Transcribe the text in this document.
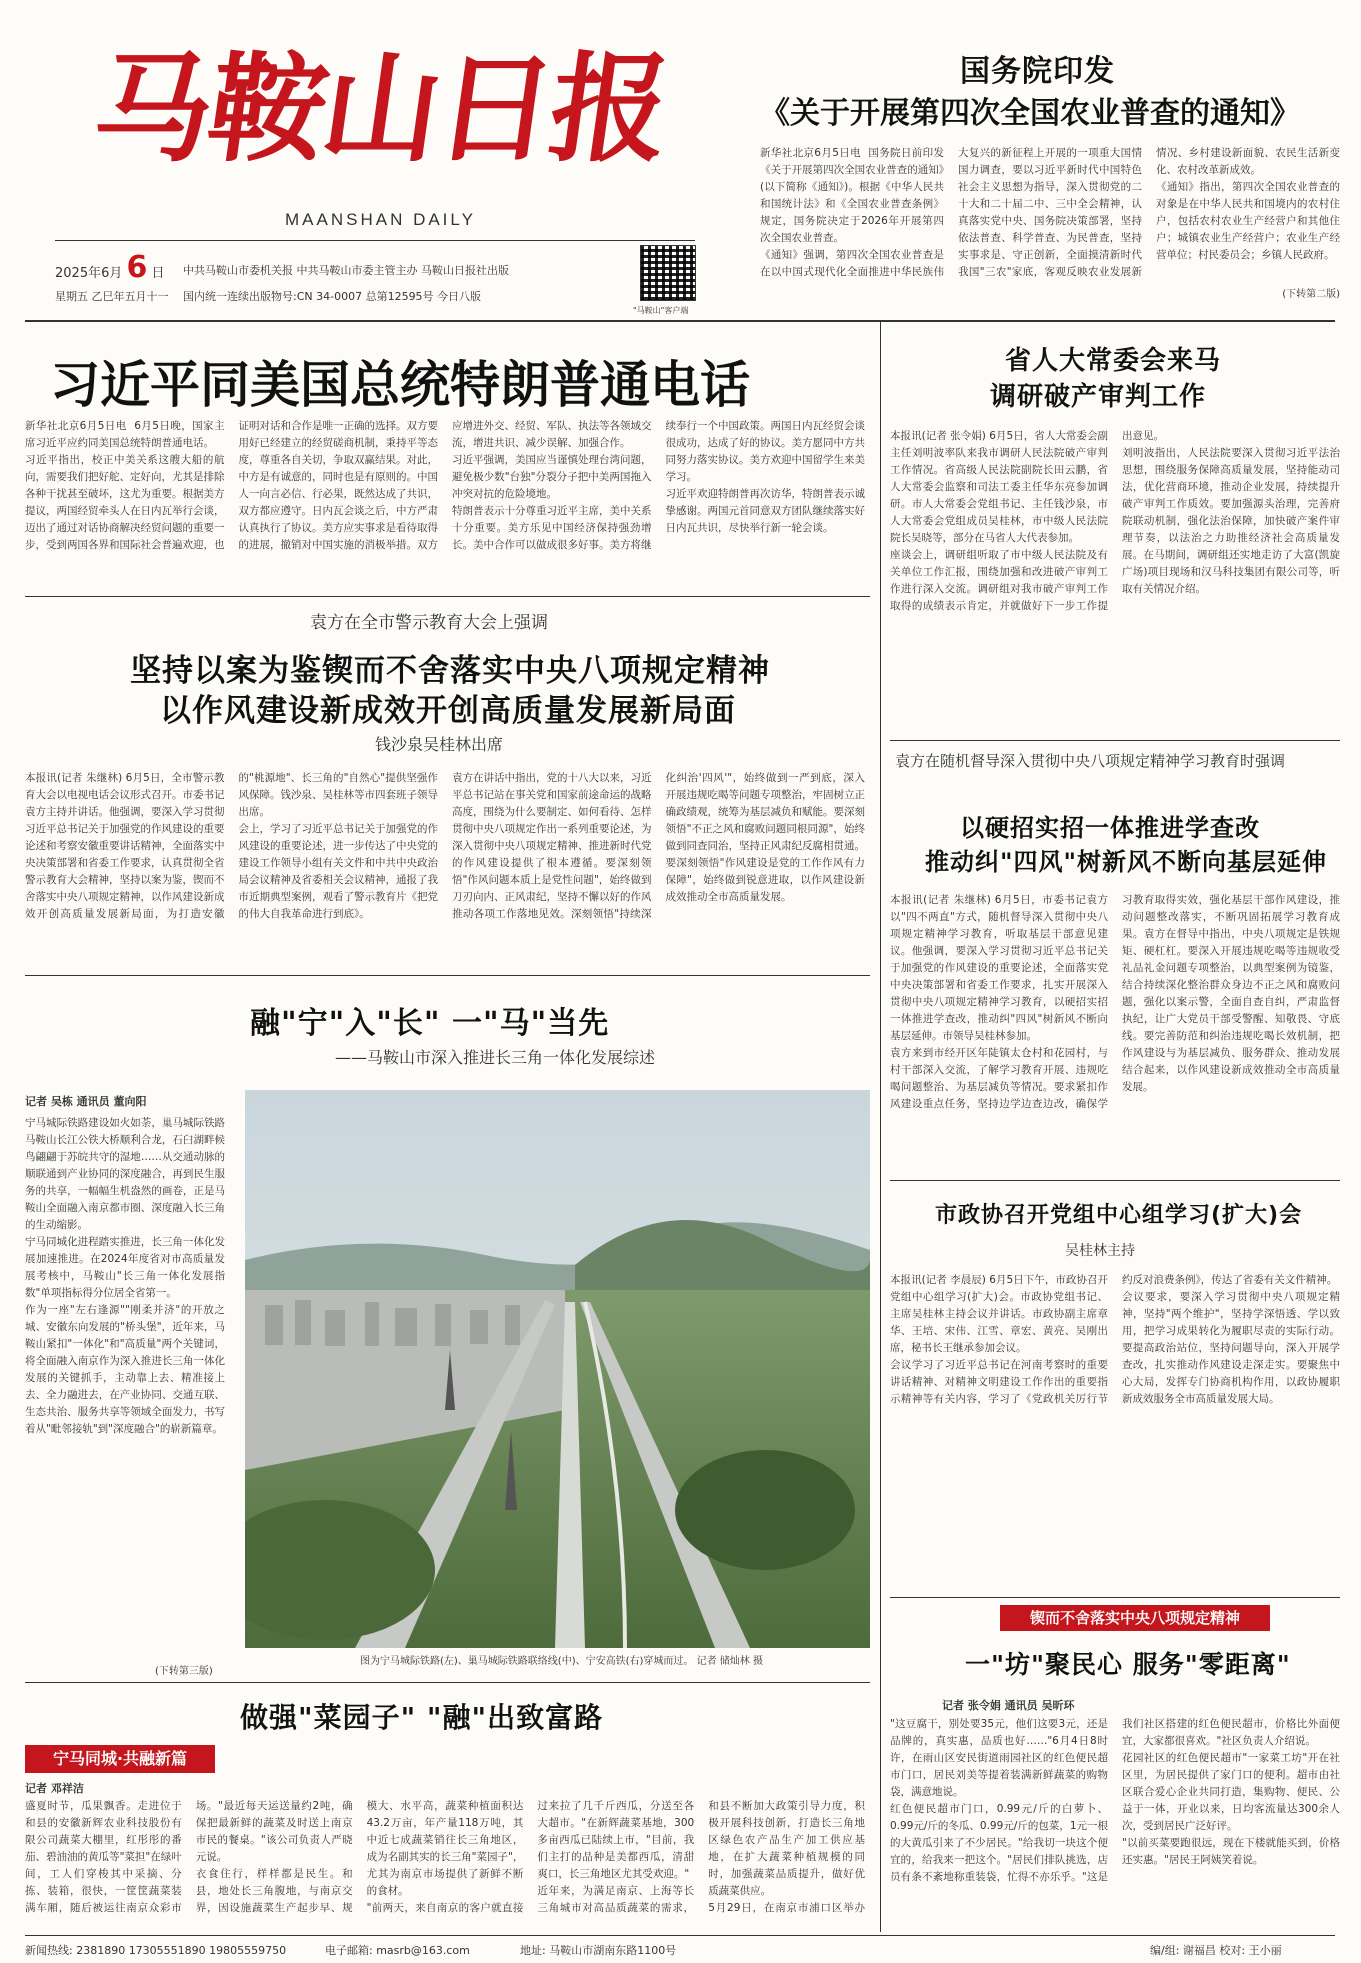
马鞍山日报
MAANSHAN DAILY
2025年6月 6 日
星期五 乙巳年五月十一
中共马鞍山市委机关报 中共马鞍山市委主管主办 马鞍山日报社出版
国内统一连续出版物号:CN 34-0007 总第12595号 今日八版
"马鞍山"客户端
国务院印发
《关于开展第四次全国农业普查的通知》
新华社北京6月5日电  国务院日前印发《关于开展第四次全国农业普查的通知》(以下简称《通知》)。根据《中华人民共和国统计法》和《全国农业普查条例》规定，国务院决定于2026年开展第四次全国农业普查。
《通知》强调，第四次全国农业普查是在以中国式现代化全面推进中华民族伟大复兴的新征程上开展的一项重大国情国力调查，要以习近平新时代中国特色社会主义思想为指导，深入贯彻党的二十大和二十届二中、三中全会精神，认真落实党中央、国务院决策部署，坚持依法普查、科学普查、为民普查，坚持实事求是、守正创新，全面摸清新时代我国"三农"家底，客观反映农业发展新情况、乡村建设新面貌、农民生活新变化、农村改革新成效。
《通知》指出，第四次全国农业普查的对象是在中华人民共和国境内的农村住户，包括农村农业生产经营户和其他住户；城镇农业生产经营户；农业生产经营单位；村民委员会；乡镇人民政府。
(下转第二版)
习近平同美国总统特朗普通电话
新华社北京6月5日电  6月5日晚，国家主席习近平应约同美国总统特朗普通电话。
习近平指出，校正中美关系这艘大船的航向，需要我们把好舵、定好向，尤其是排除各种干扰甚至破坏，这尤为重要。根据美方提议，两国经贸牵头人在日内瓦举行会谈，迈出了通过对话协商解决经贸问题的重要一步，受到两国各界和国际社会普遍欢迎，也证明对话和合作是唯一正确的选择。双方要用好已经建立的经贸磋商机制，秉持平等态度，尊重各自关切，争取双赢结果。对此，中方是有诚意的，同时也是有原则的。中国人一向言必信、行必果，既然达成了共识，双方都应遵守。日内瓦会谈之后，中方严肃认真执行了协议。美方应实事求是看待取得的进展，撤销对中国实施的消极举措。双方应增进外交、经贸、军队、执法等各领域交流，增进共识、减少误解、加强合作。
习近平强调，美国应当谨慎处理台湾问题，避免极少数"台独"分裂分子把中美两国拖入冲突对抗的危险境地。
特朗普表示十分尊重习近平主席，美中关系十分重要。美方乐见中国经济保持强劲增长。美中合作可以做成很多好事。美方将继续奉行一个中国政策。两国日内瓦经贸会谈很成功，达成了好的协议。美方愿同中方共同努力落实协议。美方欢迎中国留学生来美学习。
习近平欢迎特朗普再次访华，特朗普表示诚挚感谢。两国元首同意双方团队继续落实好日内瓦共识，尽快举行新一轮会谈。
袁方在全市警示教育大会上强调
坚持以案为鉴锲而不舍落实中央八项规定精神
以作风建设新成效开创高质量发展新局面
钱沙泉吴桂林出席
本报讯(记者 朱继林) 6月5日，全市警示教育大会以电视电话会议形式召开。市委书记袁方主持并讲话。他强调，要深入学习贯彻习近平总书记关于加强党的作风建设的重要论述和考察安徽重要讲话精神，全面落实中央决策部署和省委工作要求，认真贯彻全省警示教育大会精神，坚持以案为鉴，锲而不舍落实中央八项规定精神，以作风建设新成效开创高质量发展新局面，为打造安徽的"桃源地"、长三角的"自然心"提供坚强作风保障。钱沙泉、吴桂林等市四套班子领导出席。
会上，学习了习近平总书记关于加强党的作风建设的重要论述，进一步传达了中央党的建设工作领导小组有关文件和中共中央政治局会议精神及省委相关会议精神，通报了我市近期典型案例，观看了警示教育片《把党的伟大自我革命进行到底》。
袁方在讲话中指出，党的十八大以来，习近平总书记站在事关党和国家前途命运的战略高度，围绕为什么要制定、如何看待、怎样贯彻中央八项规定作出一系列重要论述，为深入贯彻中央八项规定精神、推进新时代党的作风建设提供了根本遵循。要深刻领悟"作风问题本质上是党性问题"，始终做到刀刃向内、正风肃纪，坚持不懈以好的作风推动各项工作落地见效。深刻领悟"持续深化纠治'四风'"，始终做到一严到底，深入开展违规吃喝等问题专项整治，牢固树立正确政绩观，统筹为基层减负和赋能。要深刻领悟"不正之风和腐败问题同根同源"，始终做到同查同治，坚持正风肃纪反腐相贯通。要深刻领悟"作风建设是党的工作作风有力保障"，始终做到锐意进取，以作风建设新成效推动全市高质量发展。
融"宁"入"长" 一"马"当先
——马鞍山市深入推进长三角一体化发展综述
记者 吴栋 通讯员 董向阳
宁马城际铁路建设如火如荼，巢马城际铁路马鞍山长江公铁大桥顺利合龙，石臼湖畔候鸟翩翩于苏皖共守的湿地……从交通动脉的顺联通到产业协同的深度融合，再到民生服务的共享，一幅幅生机盎然的画卷，正是马鞍山全面融入南京都市圈、深度融入长三角的生动缩影。
宁马同城化进程踏实推进，长三角一体化发展加速推进。在2024年度省对市高质量发展考核中，马鞍山"长三角一体化发展指数"单项指标得分位居全省第一。
作为一座"左右逢源""刚柔并济"的开放之城、安徽东向发展的"桥头堡"，近年来，马鞍山紧扣"一体化"和"高质量"两个关键词，将全面融入南京作为深入推进长三角一体化发展的关键抓手，主动靠上去、精准接上去、全力融进去，在产业协同、交通互联、生态共治、服务共享等领域全面发力，书写着从"毗邻接轨"到"深度融合"的崭新篇章。
(下转第三版)
图为宁马城际铁路(左)、巢马城际铁路联络线(中)、宁安高铁(右)穿城而过。 记者 储灿林 摄
做强"菜园子" "融"出致富路
宁马同城·共融新篇
记者 邓祥洁
盛夏时节，瓜果飘香。走进位于和县的安徽新辉农业科技股份有限公司蔬菜大棚里，红彤彤的番茄、碧油油的黄瓜等"菜担"在绿叶间，工人们穿梭其中采摘、分拣、装箱，很快，一筐筐蔬菜装满车厢，随后被运往南京众彩市场。"最近每天运送量约2吨，确保把最新鲜的蔬菜及时送上南京市民的餐桌。"该公司负责人严晓元说。
衣食住行，样样都是民生。和县，地处长三角腹地，与南京交界，因设施蔬菜生产起步早、规模大、水平高，蔬菜种植面积达43.2万亩，年产量118万吨，其中近七成蔬菜销往长三角地区，成为名副其实的长三角"菜园子"，尤其为南京市场提供了新鲜不断的食材。
"前两天，来自南京的客户就直接过来拉了几千斤西瓜，分送至各大超市。"在新辉蔬菜基地，300多亩西瓜已陆续上市，"目前，我们主打的品种是美都西瓜，清甜爽口，长三角地区尤其受欢迎。"
近年来，为满足南京、上海等长三角城市对高品质蔬菜的需求，和县不断加大政策引导力度，积极开展科技创新，打造长三角地区绿色农产品生产加工供应基地，在扩大蔬菜种植规模的同时，加强蔬菜品质提升，做好优质蔬菜供应。
5月29日，在南京市浦口区举办

省人大常委会来马
调研破产审判工作
本报讯(记者 张令娟) 6月5日，省人大常委会副主任刘明波率队来我市调研人民法院破产审判工作情况。省高级人民法院副院长田云鹏，省人大常委会监察和司法工委主任华东亮参加调研。市人大常委会党组书记、主任钱沙泉，市人大常委会党组成员吴桂林，市中级人民法院院长吴晓等，部分在马省人大代表参加。
座谈会上，调研组听取了市中级人民法院及有关单位工作汇报，围绕加强和改进破产审判工作进行深入交流。调研组对我市破产审判工作取得的成绩表示肯定，并就做好下一步工作提出意见。
刘明波指出，人民法院要深入贯彻习近平法治思想，围绕服务保障高质量发展，坚持能动司法，优化营商环境，推动企业发展，持续提升破产审判工作质效。要加强源头治理，完善府院联动机制，强化法治保障，加快破产案件审理节奏，以法治之力助推经济社会高质量发展。在马期间，调研组还实地走访了大富(凯旋广场)项目现场和汉马科技集团有限公司等，听取有关情况介绍。
袁方在随机督导深入贯彻中央八项规定精神学习教育时强调
以硬招实招一体推进学查改
推动纠"四风"树新风不断向基层延伸
本报讯(记者 朱继林) 6月5日，市委书记袁方以"四不两直"方式，随机督导深入贯彻中央八项规定精神学习教育，听取基层干部意见建议。他强调，要深入学习贯彻习近平总书记关于加强党的作风建设的重要论述，全面落实党中央决策部署和省委工作要求，扎实开展深入贯彻中央八项规定精神学习教育，以硬招实招一体推进学查改，推动纠"四风"树新风不断向基层延伸。市领导吴桂林参加。
袁方来到市经开区年陡镇太仓村和花园村，与村干部深入交流，了解学习教育开展、违规吃喝问题整治、为基层减负等情况。要求紧扣作风建设重点任务，坚持边学边查边改，确保学习教育取得实效，强化基层干部作风建设，推动问题整改落实，不断巩固拓展学习教育成果。袁方在督导中指出，中央八项规定是铁规矩、硬杠杠。要深入开展违规吃喝等违规收受礼品礼金问题专项整治，以典型案例为镜鉴，结合持续深化整治群众身边不正之风和腐败问题，强化以案示警，全面自查自纠，严肃监督执纪，让广大党员干部受警醒、知敬畏、守底线。要完善防范和纠治违规吃喝长效机制，把作风建设与为基层减负、服务群众、推动发展结合起来，以作风建设新成效推动全市高质量发展。
市政协召开党组中心组学习(扩大)会
吴桂林主持
本报讯(记者 李晨辰) 6月5日下午，市政协召开党组中心组学习(扩大)会。市政协党组书记、主席吴桂林主持会议并讲话。市政协副主席章华、王培、宋伟、江雪、章宏、黄亮、吴刚出席，秘书长王继承参加会议。
会议学习了习近平总书记在河南考察时的重要讲话精神、对精神文明建设工作作出的重要指示精神等有关内容，学习了《党政机关厉行节约反对浪费条例》，传达了省委有关文件精神。
会议要求，要深入学习贯彻中央八项规定精神，坚持"两个维护"，坚持学深悟透、学以致用，把学习成果转化为履职尽责的实际行动。要提高政治站位，坚持问题导向，深入开展学查改，扎实推动作风建设走深走实。要聚焦中心大局，发挥专门协商机构作用，以政协履职新成效服务全市高质量发展大局。
锲而不舍落实中央八项规定精神
一"坊"聚民心 服务"零距离"
记者 张令娟 通讯员 吴昕环
"这豆腐干，别处要35元，他们这要3元，还是品牌的，真实惠，品质也好……"6月4日8时许，在雨山区安民街道雨园社区的红色便民超市门口，居民刘美等提着装满新鲜蔬菜的购物袋，满意地说。
红色便民超市门口，0.99元/斤的白萝卜、0.99元/斤的冬瓜、0.99元/斤的包菜，1元一根的大黄瓜引来了不少居民。"给我切一块这个便宜的，给我来一把这个。"居民们排队挑选，店员有条不紊地称重装袋，忙得不亦乐乎。"这是我们社区搭建的红色便民超市，价格比外面便宜，大家都很喜欢。"社区负责人介绍说。
花园社区的红色便民超市"一家菜工坊"开在社区里，为居民提供了家门口的便利。超市由社区联合爱心企业共同打造，集购物、便民、公益于一体，开业以来，日均客流量达300余人次，受到居民广泛好评。
"以前买菜要跑很远，现在下楼就能买到，价格还实惠。"居民王阿姨笑着说。
新闻热线: 2381890 17305551890 19805559750	电子邮箱: masrb@163.com	地址: 马鞍山市湖南东路1100号	编/组: 谢福昌 校对: 王小丽
